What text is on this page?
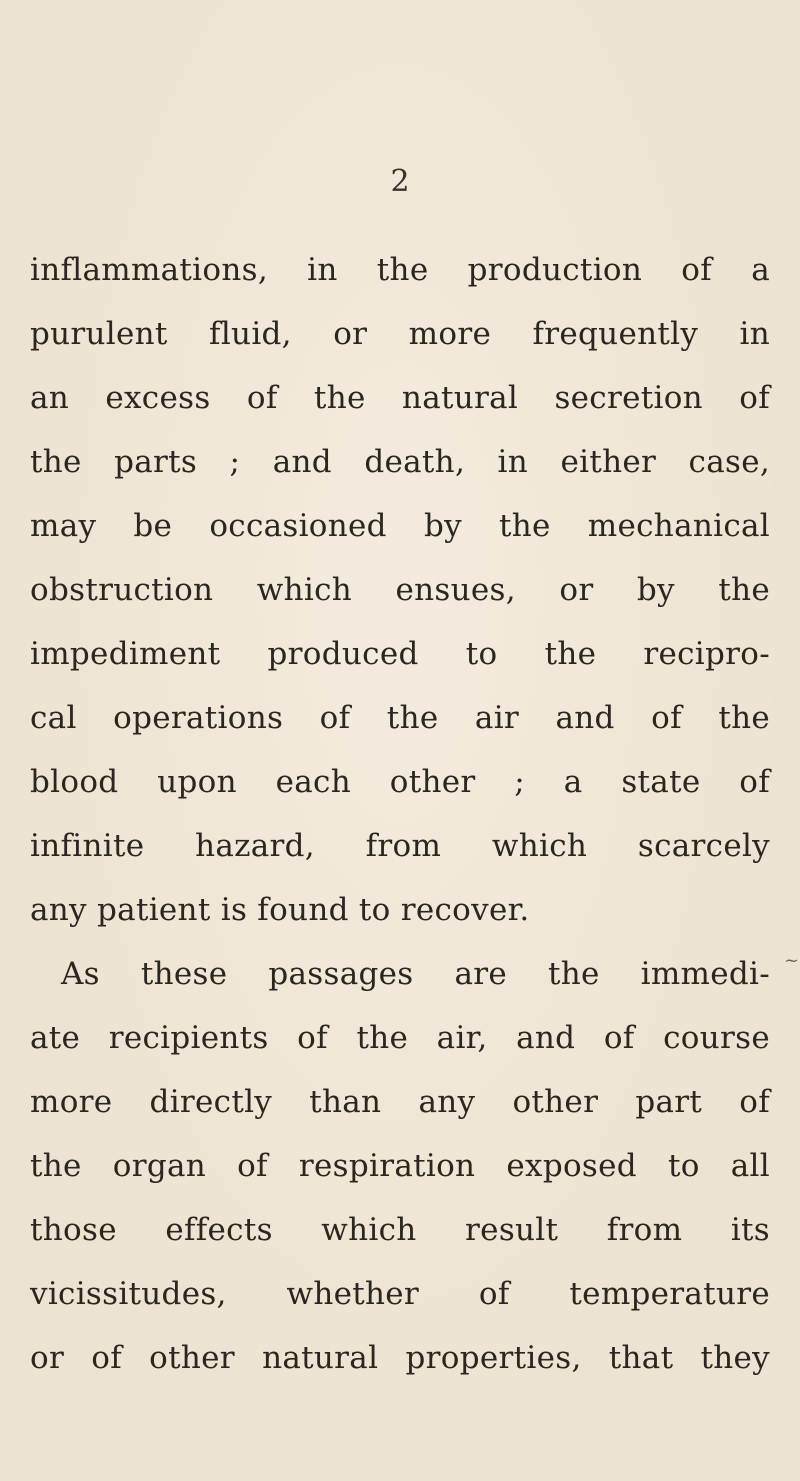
2
inflammations, in the production of a
purulent fluid, or more frequently in
an excess of the natural secretion of
the parts ; and death, in either case,
may be occasioned by the mechanical
obstruction which ensues, or by the
impediment produced to the recipro-
cal operations of the air and of the
blood upon each other ; a state of
infinite hazard, from which scarcely
any patient is found to recover.
As these passages are the immedi-
ate recipients of the air, and of course
more directly than any other part of
the organ of respiration exposed to all
those effects which result from its
vicissitudes, whether of temperature
or of other natural properties, that they
~
